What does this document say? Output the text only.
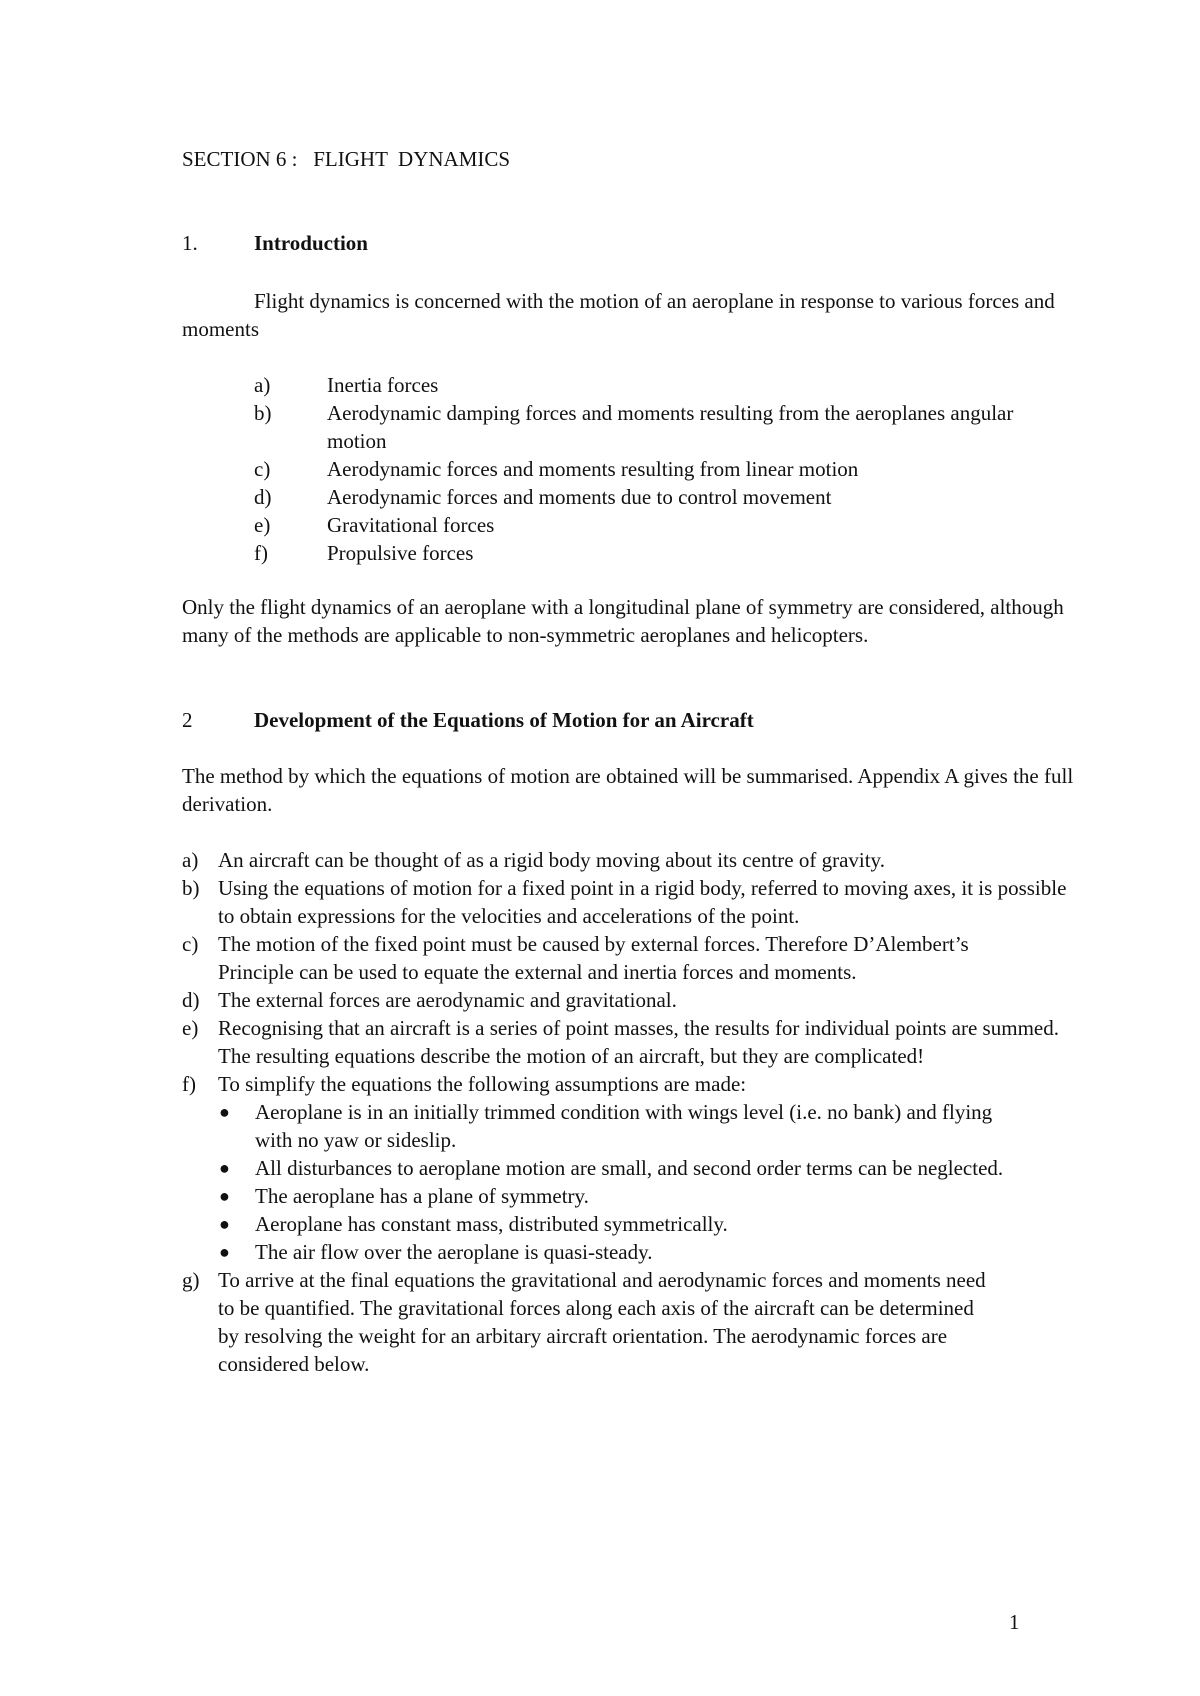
SECTION 6 :   FLIGHT  DYNAMICS
1.	Introduction

Flight dynamics is concerned with the motion of an aeroplane in response to various forces and moments

a)	Inertia forces
b)	Aerodynamic damping forces and moments resulting from the aeroplanes angular motion
c)	Aerodynamic forces and moments resulting from linear motion
d)	Aerodynamic forces and moments due to control movement
e)	Gravitational forces
f)	Propulsive forces

Only the flight dynamics of an aeroplane with a longitudinal plane of symmetry are considered, although many of the methods are applicable to non-symmetric aeroplanes and helicopters.

2	Development of the Equations of Motion for an Aircraft

The method by which the equations of motion are obtained will be summarised. Appendix A gives the full derivation.

a) An aircraft can be thought of as a rigid body moving about its centre of gravity.
b) Using the equations of motion for a fixed point in a rigid body, referred to moving axes, it is possible to obtain expressions for the velocities and accelerations of the point.
c) The motion of the fixed point must be caused by external forces. Therefore D’Alembert’s Principle can be used to equate the external and inertia forces and moments.
d) The external forces are aerodynamic and gravitational.
e) Recognising that an aircraft is a series of point masses, the results for individual points are summed. The resulting equations describe the motion of an aircraft, but they are complicated!
f)	To simplify the equations the following assumptions are made:
●	Aeroplane is in an initially trimmed condition with wings level (i.e. no bank) and flying with no yaw or sideslip.
●	All disturbances to aeroplane motion are small, and second order terms can be neglected.
●	The aeroplane has a plane of symmetry.
●	Aeroplane has constant mass, distributed symmetrically.
●	The air flow over the aeroplane is quasi-steady.
g) To arrive at the final equations the gravitational and aerodynamic forces and moments need to be quantified. The gravitational forces along each axis of the aircraft can be determined by resolving the weight for an arbitary aircraft orientation. The aerodynamic forces are considered below.
1
